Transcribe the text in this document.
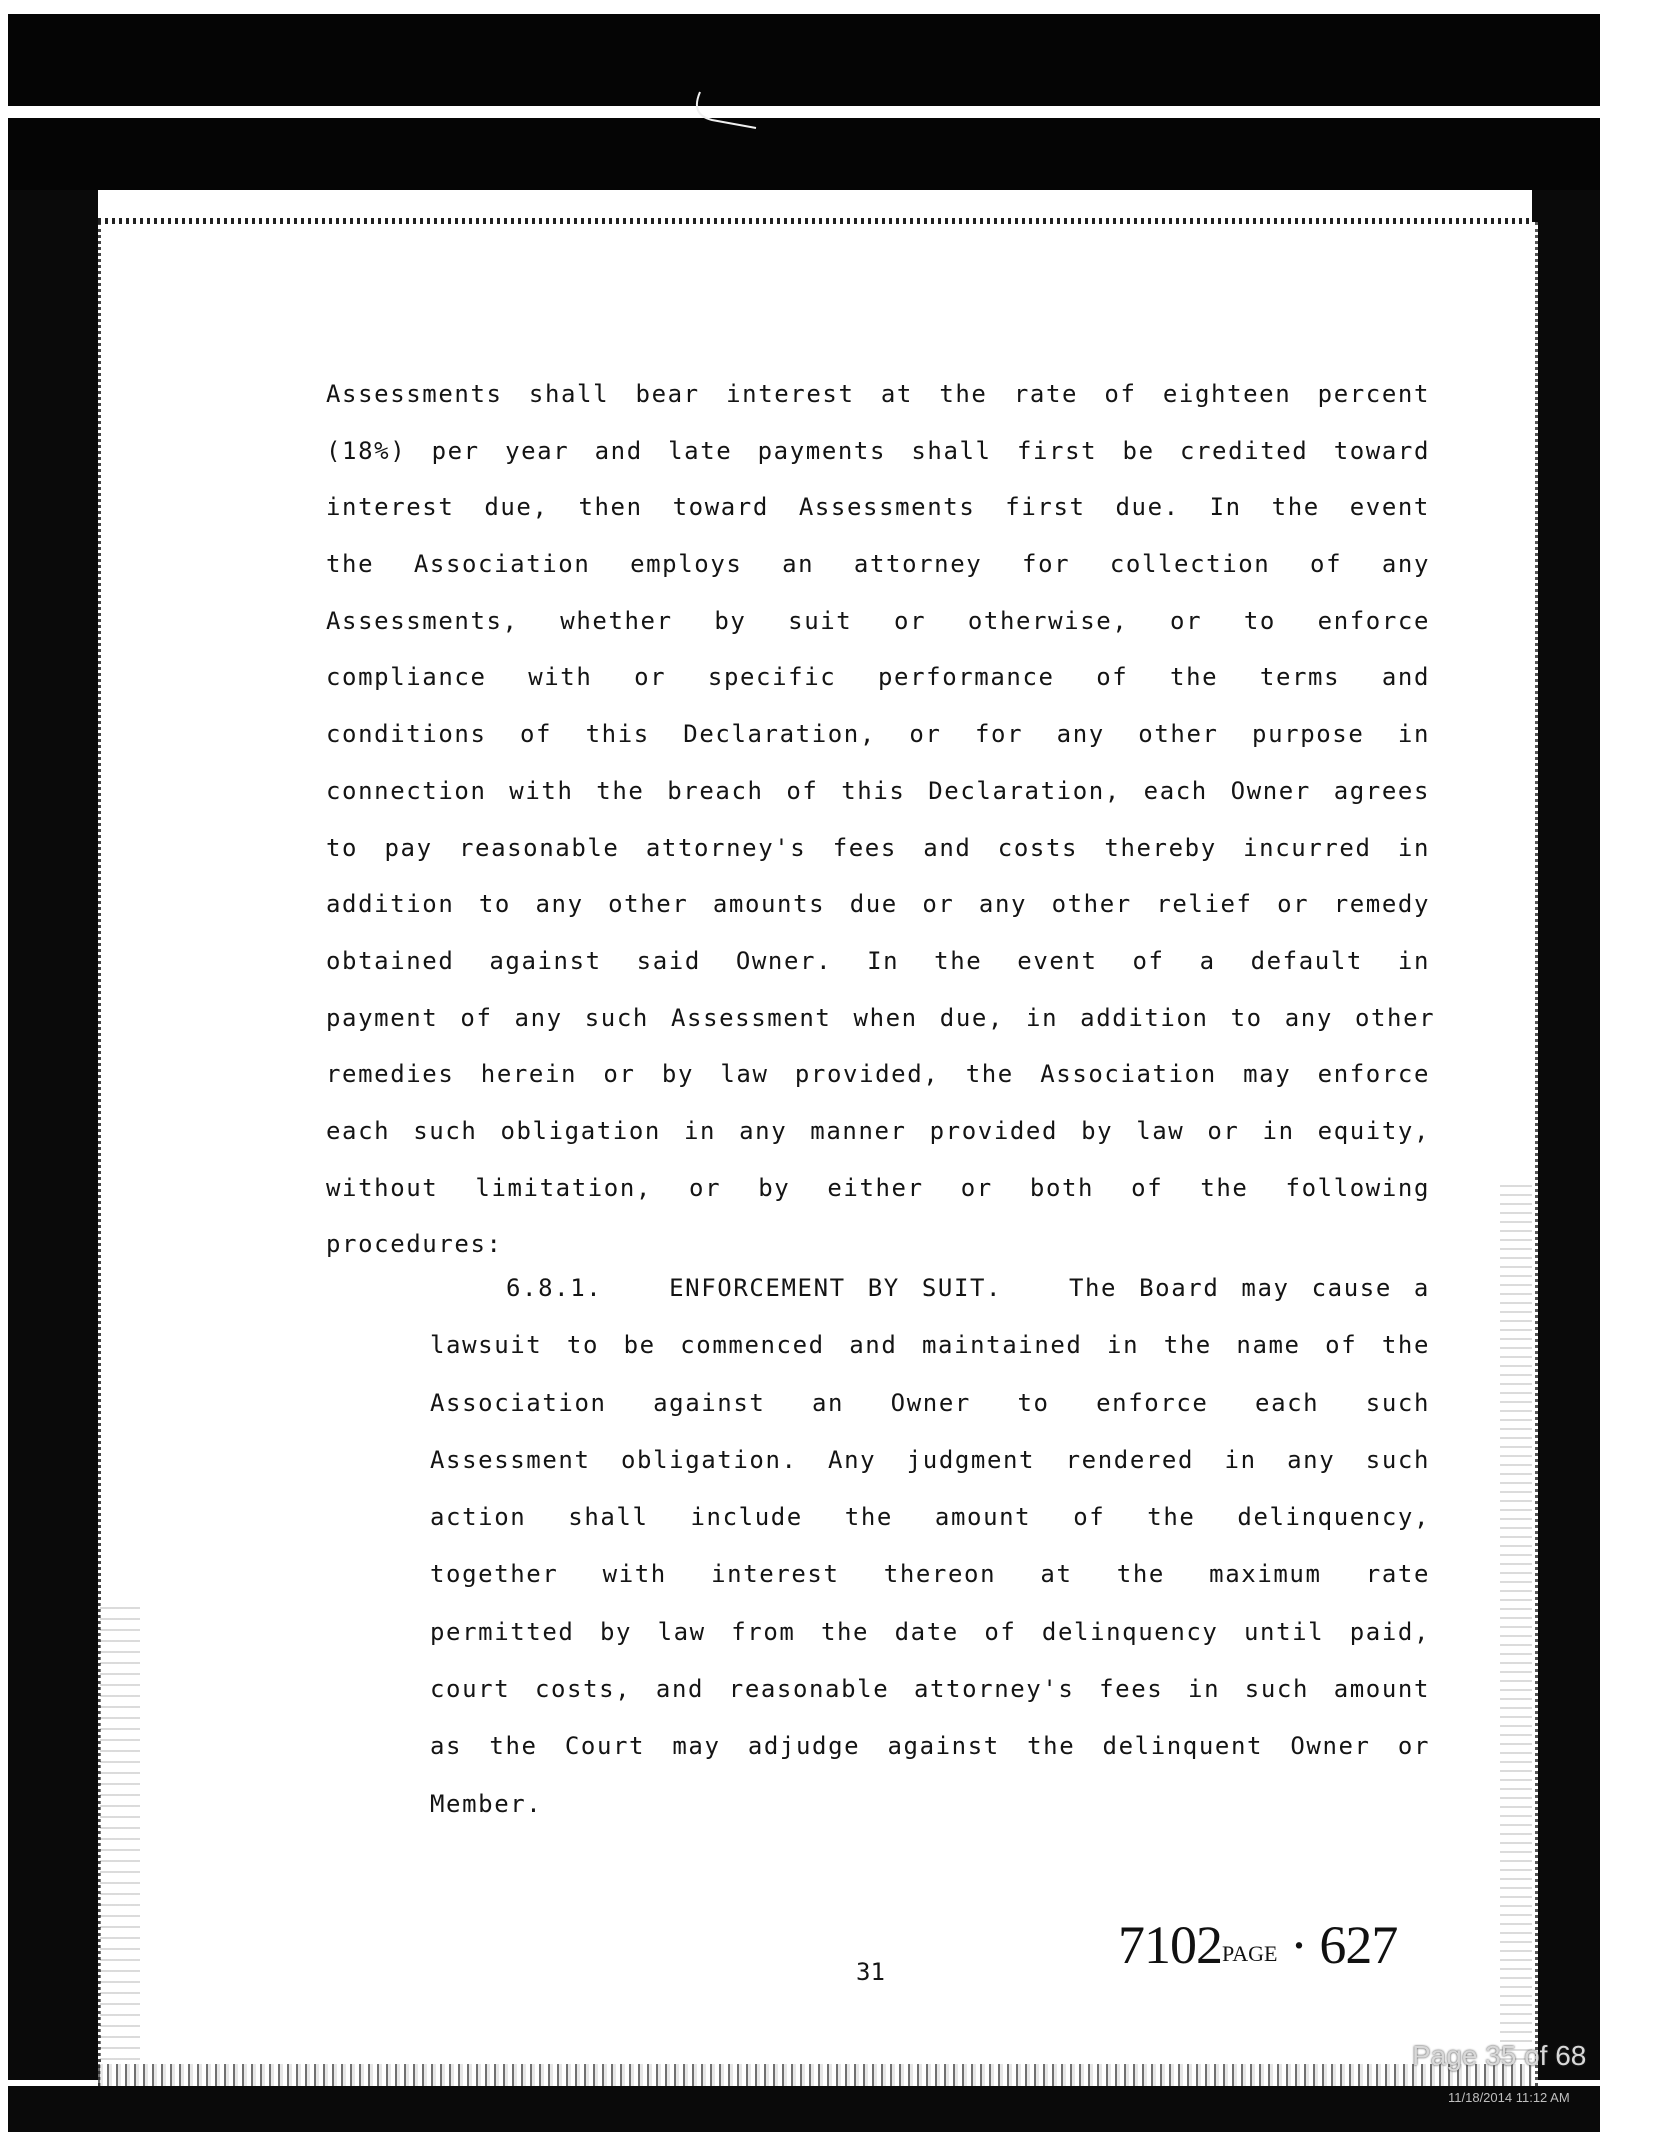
Assessments shall bear interest at the rate of eighteen percent
(18%) per year and late payments shall first be credited toward
interest due, then toward Assessments first due. In the event
the Association employs an attorney for collection of any
Assessments, whether by suit or otherwise, or to enforce
compliance with or specific performance of the terms and
conditions of this Declaration, or for any other purpose in
connection with the breach of this Declaration, each Owner agrees
to pay reasonable attorney's fees and costs thereby incurred in
addition to any other amounts due or any other relief or remedy
obtained against said Owner. In the event of a default in
payment of any such Assessment when due, in addition to any other
remedies herein or by law provided, the Association may enforce
each such obligation in any manner provided by law or in equity,
without limitation, or by either or both of the following
procedures:
6.8.1.	ENFORCEMENT BY SUIT.	The Board may cause a
lawsuit to be commenced and maintained in the name of the
Association against an Owner to enforce each such
Assessment obligation. Any judgment rendered in any such
action shall include the amount of the delinquency,
together with interest thereon at the maximum rate
permitted by law from the date of delinquency until paid,
court costs, and reasonable attorney's fees in such amount
as the Court may adjudge against the delinquent Owner or
Member.
31	7102PAGE · 627
Page 35 of 68
11/18/2014 11:12 AM
